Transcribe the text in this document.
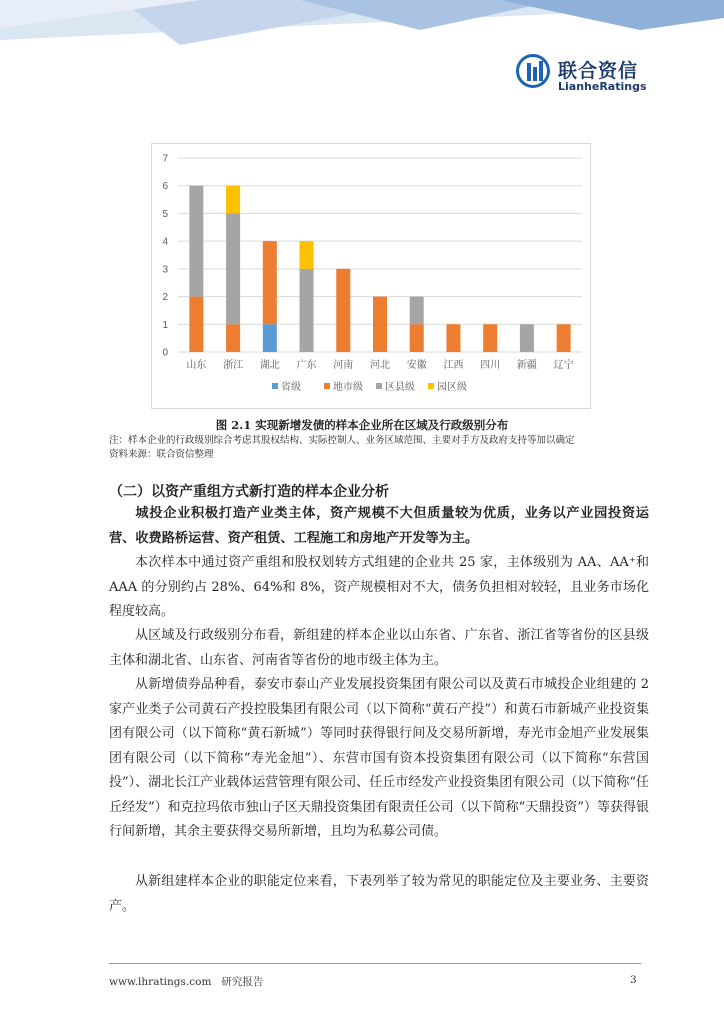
联合资信
LianheRatings
0
1
2
3
4
5
6
7
山东 浙江 湖北 广东 河南 河北 安徽 江西 四川 新疆 辽宁
省级	地市级 区县级 园区级
图 2.1 实现新增发债的样本企业所在区域及行政级别分布
注：样本企业的行政级别综合考虑其股权结构、实际控制人、业务区域范围、主要对手方及政府支持等加以确定
资料来源：联合资信整理
（二）以资产重组方式新打造的样本企业分析
城投企业积极打造产业类主体，资产规模不大但质量较为优质，业务以产业园投资运营、收费路桥运营、资产租赁、工程施工和房地产开发等为主。
本次样本中通过资产重组和股权划转方式组建的企业共 25 家，主体级别为 AA、AA⁺和 AAA 的分别约占 28%、64%和 8%，资产规模相对不大，债务负担相对较轻，且业务市场化程度较高。
从区域及行政级别分布看，新组建的样本企业以山东省、广东省、浙江省等省份的区县级主体和湖北省、山东省、河南省等省份的地市级主体为主。
从新增债券品种看，泰安市泰山产业发展投资集团有限公司以及黄石市城投企业组建的 2 家产业类子公司黄石产投控股集团有限公司（以下简称“黄石产投”）和黄石市新城产业投资集团有限公司（以下简称“黄石新城”）等同时获得银行间及交易所新增，寿光市金旭产业发展集团有限公司（以下简称“寿光金旭”）、东营市国有资本投资集团有限公司（以下简称“东营国投”）、湖北长江产业载体运营管理有限公司、任丘市经发产业投资集团有限公司（以下简称“任丘经发”）和克拉玛依市独山子区天鼎投资集团有限责任公司（以下简称“天鼎投资”）等获得银行间新增，其余主要获得交易所新增，且均为私募公司债。
从新组建样本企业的职能定位来看，下表列举了较为常见的职能定位及主要业务、主要资产。
www.lhratings.com 研究报告	3
